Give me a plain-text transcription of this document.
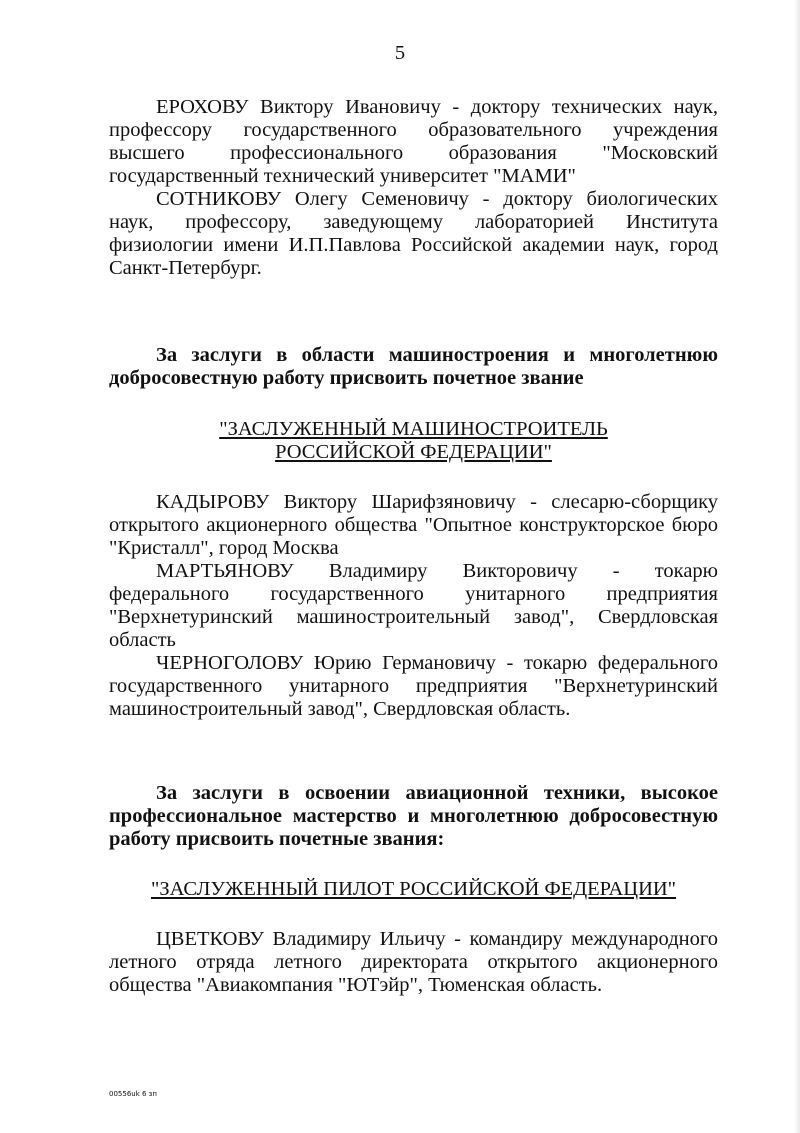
5

ЕРОХОВУ Виктору Ивановичу - доктору технических наук, профессору государственного образовательного учреждения высшего профессионального образования "Московский государственный технический университет "МАМИ"

СОТНИКОВУ Олегу Семеновичу - доктору биологических наук, профессору, заведующему лабораторией Института физиологии имени И.П.Павлова Российской академии наук, город Санкт-Петербург.

За заслуги в области машиностроения и многолетнюю добросовестную работу присвоить почетное звание

"ЗАСЛУЖЕННЫЙ МАШИНОСТРОИТЕЛЬ
РОССИЙСКОЙ ФЕДЕРАЦИИ"

КАДЫРОВУ Виктору Шарифзяновичу - слесарю-сборщику открытого акционерного общества "Опытное конструкторское бюро "Кристалл", город Москва

МАРТЬЯНОВУ Владимиру Викторовичу - токарю федерального государственного унитарного предприятия "Верхнетуринский машиностроительный завод", Свердловская область

ЧЕРНОГОЛОВУ Юрию Германовичу - токарю федерального государственного унитарного предприятия "Верхнетуринский машиностроительный завод", Свердловская область.

За заслуги в освоении авиационной техники, высокое профессиональное мастерство и многолетнюю добросовестную работу присвоить почетные звания:

"ЗАСЛУЖЕННЫЙ ПИЛОТ РОССИЙСКОЙ ФЕДЕРАЦИИ"

ЦВЕТКОВУ Владимиру Ильичу - командиру международного летного отряда летного директората открытого акционерного общества "Авиакомпания "ЮТэйр", Тюменская область.

00556uk 6 зп
